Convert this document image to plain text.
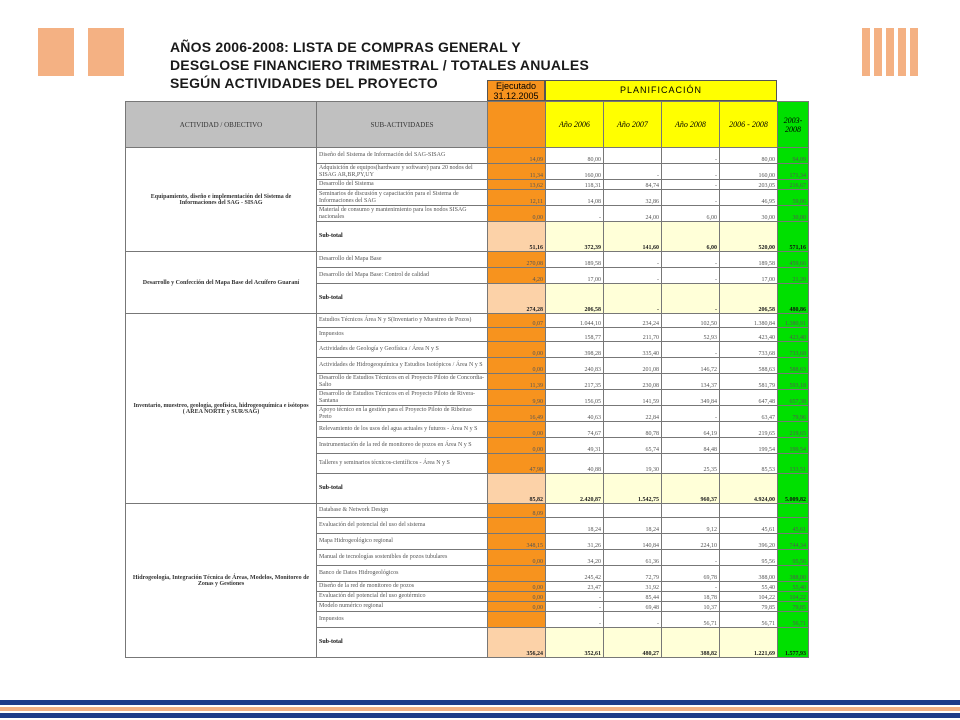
AÑOS 2006-2008: LISTA DE COMPRAS GENERAL Y
DESGLOSE FINANCIERO TRIMESTRAL / TOTALES ANUALES
SEGÚN ACTIVIDADES DEL PROYECTO	Ejecutado 31.12.2005
PLANIFICACIÓN
ACTIVIDAD / OBJECTIVO	SUB-ACTIVIDADES		Año 2006	Año 2007	Año 2008	2006 - 2008	2003-2008
Equipamiento, diseño e implementación del Sistema de Informaciones del SAG - SISAG	Diseño del Sistema de Información del SAG-SISAG	14,09	80,00		-	80,00	94,09
	Adquisición de equipos(hardware y software) para 20 nodos del SISAG AR,BR,PY,UY	11,34	160,00	-	-	160,00	171,34
	Desarrollo del Sistema	13,62	118,31	84,74	-	203,05	216,67
	Seminarios de discusión y capacitación para el Sistema de Informaciones del SAG	12,11	14,08	32,86	-	46,95	59,06
	Material de consumo y mantenimiento para los nodos SISAG nacionales	0,00	-	24,00	6,00	30,00	30,00
	Sub-total	51,16	372,39	141,60	6,00	520,00	571,16
Desarrollo y Confección del Mapa Base del Acuífero Guaraní	Desarrollo del Mapa Base	270,08	189,58	-	-	189,58	459,66
	Desarrollo del Mapa Base: Control de calidad	4,20	17,00	-	-	17,00	21,20
	Sub-total	274,28	206,58	-	-	206,58	480,86
Inventario, muestreo, geología, geofísica, hidrogeoquímica e isótopos ( AREA NORTE y SUR/SAG)	Estudios Técnicos Área N y S(Inventario y Muestreo de Pozos)	0,07	1.044,10	234,24	102,50	1.380,84	1.380,91
	Impuestos		158,77	211,70	52,93	423,40	423,40
	Actividades de Geología y Geofísica / Área N y S	0,00	398,28	335,40	-	733,68	733,68
	Actividades de Hidrogeoquímica y Estudios Isotópicos / Área N y S	0,00	240,83	201,08	146,72	588,63	588,63
	Desarrollo de Estudios Técnicos en el Proyecto Piloto de Concordia-Salto	11,39	217,35	230,08	134,37	581,79	593,18
	Desarrollo de Estudios Técnicos en el Proyecto Piloto de Rivera-Santana	9,90	156,05	141,59	349,84	647,48	657,38
	Apoyo técnico en la gestión para el Proyecto Piloto de Ribeirao Preto	16,49	40,63	22,84	-	63,47	79,96
	Relevamiento de los usos del agua actuales y futuros - Área N y S	0,00	74,67	80,78	64,19	219,65	219,65
	Instrumentación de la red de monitoreo de pozos en Área N y S	0,00	49,31	65,74	84,48	199,54	199,54
	Talleres y seminarios técnicos-científicos - Área N y S	47,98	40,88	19,30	25,35	85,53	133,51
	Sub-total	85,82	2.420,87	1.542,75	960,37	4.924,00	5.009,82
Hidrogeología, Integración Técnica de Áreas, Modelos, Monitoreo de Zonas y Gestiones	Database & Network Design	8,09					
	Evaluación del potencial del uso del sistema		18,24	18,24	9,12	45,61	45,61
	Mapa Hidrogeológico regional	348,15	31,26	140,84	224,10	396,20	744,34
	Manual de tecnologías sostenibles de pozos tubulares	0,00	34,20	61,36	-	95,56	95,56
	Banco de Datos Hidrogeológicos		245,42	72,79	69,78	388,00	388,00
	Diseño de la red de monitoreo de pozos	0,00	23,47	31,92	-	55,40	55,40
	Evaluación del potencial del uso geotérmico	0,00	-	85,44	18,78	104,22	104,22
	Modelo numérico regional	0,00	-	69,48	10,37	79,85	79,85
	Impuestos		-	-	56,71	56,71	56,71
	Sub-total	356,24	352,61	480,27	388,82	1.221,69	1.577,93
